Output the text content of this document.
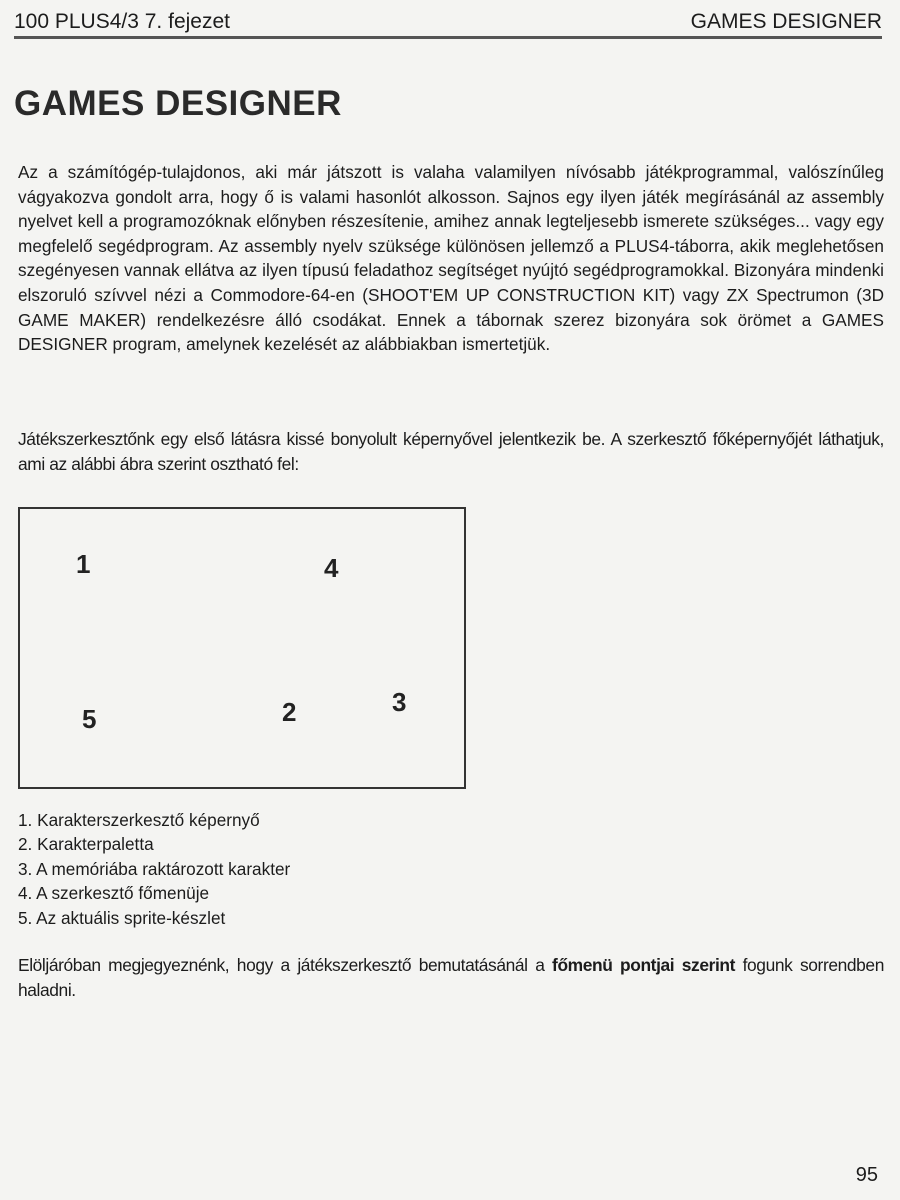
100 PLUS4/3 7. fejezet	GAMES DESIGNER
GAMES DESIGNER

Az a számítógép-tulajdonos, aki már játszott is valaha valamilyen nívósabb játékprogrammal, valószínűleg vágyakozva gondolt arra, hogy ő is valami hasonlót alkosson. Sajnos egy ilyen játék megírásánál az assembly nyelvet kell a programozóknak előnyben részesítenie, amihez annak legteljesebb ismerete szükséges... vagy egy megfelelő segédprogram. Az assembly nyelv szüksége különösen jellemző a PLUS4-táborra, akik meglehetősen szegényesen vannak ellátva az ilyen típusú feladathoz segítséget nyújtó segédprogramokkal. Bizonyára mindenki elszoruló szívvel nézi a Commodore-64-en (SHOOT'EM UP CONSTRUCTION KIT) vagy ZX Spectrumon (3D GAME MAKER) rendelkezésre álló csodákat. Ennek a tábornak szerez bizonyára sok örömet a GAMES DESIGNER program, amelynek kezelését az alábbiakban ismertetjük.

Játékszerkesztőnk egy első látásra kissé bonyolult képernyővel jelentkezik be. A szerkesztő főképernyőjét láthatjuk, ami az alábbi ábra szerint osztható fel:

1	4
5	2	3
1. Karakterszerkesztő képernyő
2. Karakterpaletta
3. A memóriába raktározott karakter
4. A szerkesztő főmenüje
5. Az aktuális sprite-készlet

Elöljáróban megjegyeznénk, hogy a játékszerkesztő bemutatásánál a főmenü pontjai szerint fogunk sorrendben haladni.

95
